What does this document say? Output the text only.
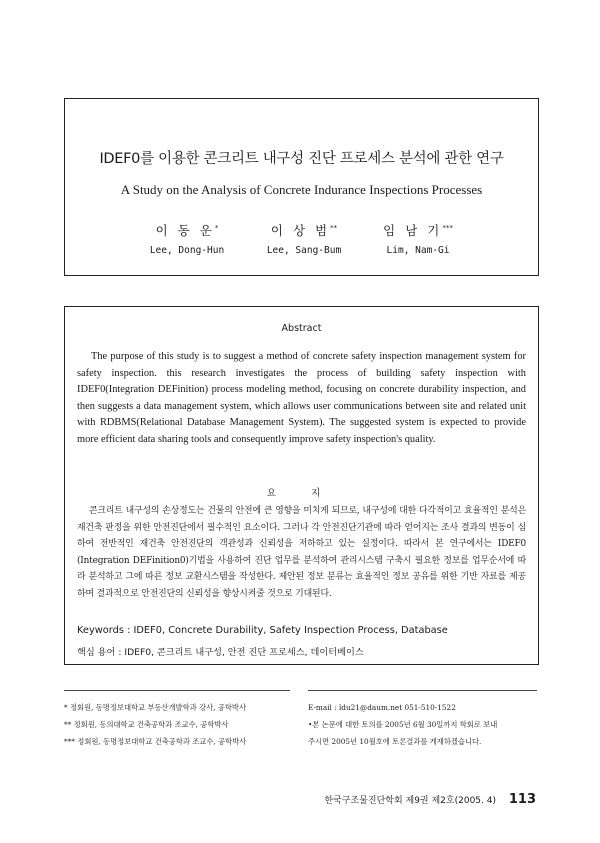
IDEF0를 이용한 콘크리트 내구성 진단 프로세스 분석에 관한 연구
A Study on the Analysis of Concrete Indurance Inspections Processes
이 동 운*
Lee, Dong-Hun
이 상 범**
Lee, Sang-Bum
임 남 기***
Lim, Nam-Gi
Abstract
The purpose of this study is to suggest a method of concrete safety inspection management system for safety inspection. this research investigates the process of building safety inspection with IDEF0(Integration DEFinition) process modeling method, focusing on concrete durability inspection, and then suggests a data management system, which allows user communications between site and related unit with RDBMS(Relational Database Management System). The suggested system is expected to provide more efficient data sharing tools and consequently improve safety inspection's quality.
요 지
콘크리트 내구성의 손상정도는 건물의 안전에 큰 영향을 미치게 되므로, 내구성에 대한 다각적이고 효율적인 분석은 재건축 판정을 위한 안전진단에서 필수적인 요소이다. 그러나 각 안전진단기관에 따라 얻어지는 조사 결과의 변동이 심하여 전반적인 재건축 안전진단의 객관성과 신뢰성을 저하하고 있는 실정이다. 따라서 본 연구에서는 IDEF0 (Integration DEFinition0)기법을 사용하여 진단 업무를 분석하여 관리시스템 구축시 필요한 정보를 업무순서에 따라 분석하고 그에 따른 정보 교환시스템을 작성한다. 제안된 정보 분류는 효율적인 정보 공유를 위한 기반 자료를 제공하며 결과적으로 안전진단의 신뢰성을 향상시켜줄 것으로 기대된다.
Keywords : IDEF0, Concrete Durability, Safety Inspection Process, Database
핵심 용어 : IDEF0, 콘크리트 내구성, 안전 진단 프로세스, 데이터베이스
* 정회원, 동명정보대학교 부동산개발학과 강사, 공학박사
** 정회원, 동의대학교 건축공학과 조교수, 공학박사
*** 정회원, 동명정보대학교 건축공학과 조교수, 공학박사
E-mail : ldu21@daum.net 051-510-1522
•본 논문에 대한 토의를 2005년 6월 30일까지 학회로 보내
주시면 2005년 10월호에 토론결과를 게재하겠습니다.
한국구조물진단학회 제9권 제2호(2005. 4) 113
